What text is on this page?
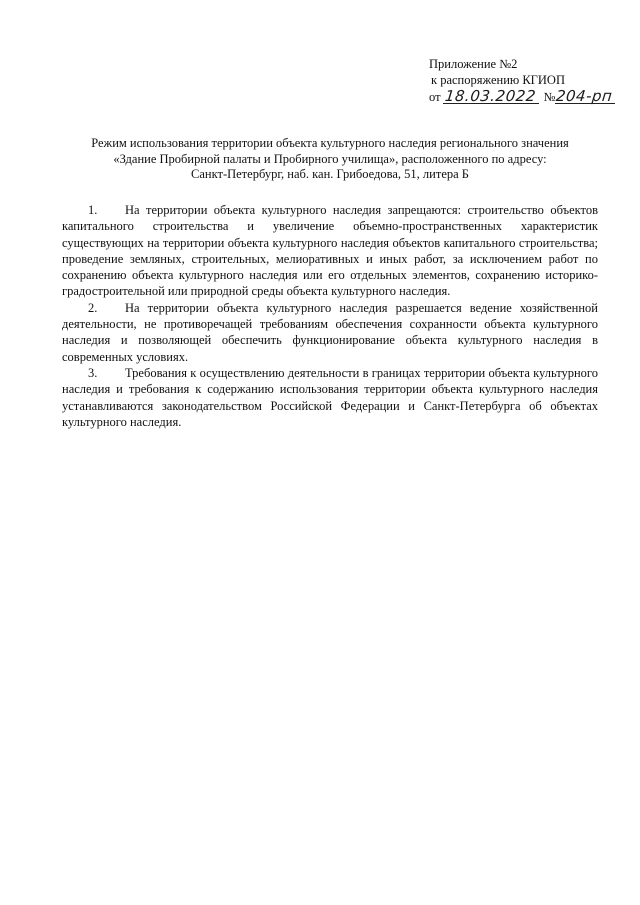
Приложение №2
к распоряжению КГИОП
от 18.03.2022 №204-рп
Режим использования территории объекта культурного наследия регионального значения
«Здание Пробирной палаты и Пробирного училища», расположенного по адресу:
Санкт-Петербург, наб. кан. Грибоедова, 51, литера Б

1. На территории объекта культурного наследия запрещаются: строительство объектов капитального строительства и увеличение объемно-пространственных характеристик существующих на территории объекта культурного наследия объектов капитального строительства; проведение земляных, строительных, мелиоративных и иных работ, за исключением работ по сохранению объекта культурного наследия или его отдельных элементов, сохранению историко-градостроительной или природной среды объекта культурного наследия.

2. На территории объекта культурного наследия разрешается ведение хозяйственной деятельности, не противоречащей требованиям обеспечения сохранности объекта культурного наследия и позволяющей обеспечить функционирование объекта культурного наследия в современных условиях.

3. Требования к осуществлению деятельности в границах территории объекта культурного наследия и требования к содержанию использования территории объекта культурного наследия устанавливаются законодательством Российской Федерации и Санкт-Петербурга об объектах культурного наследия.
